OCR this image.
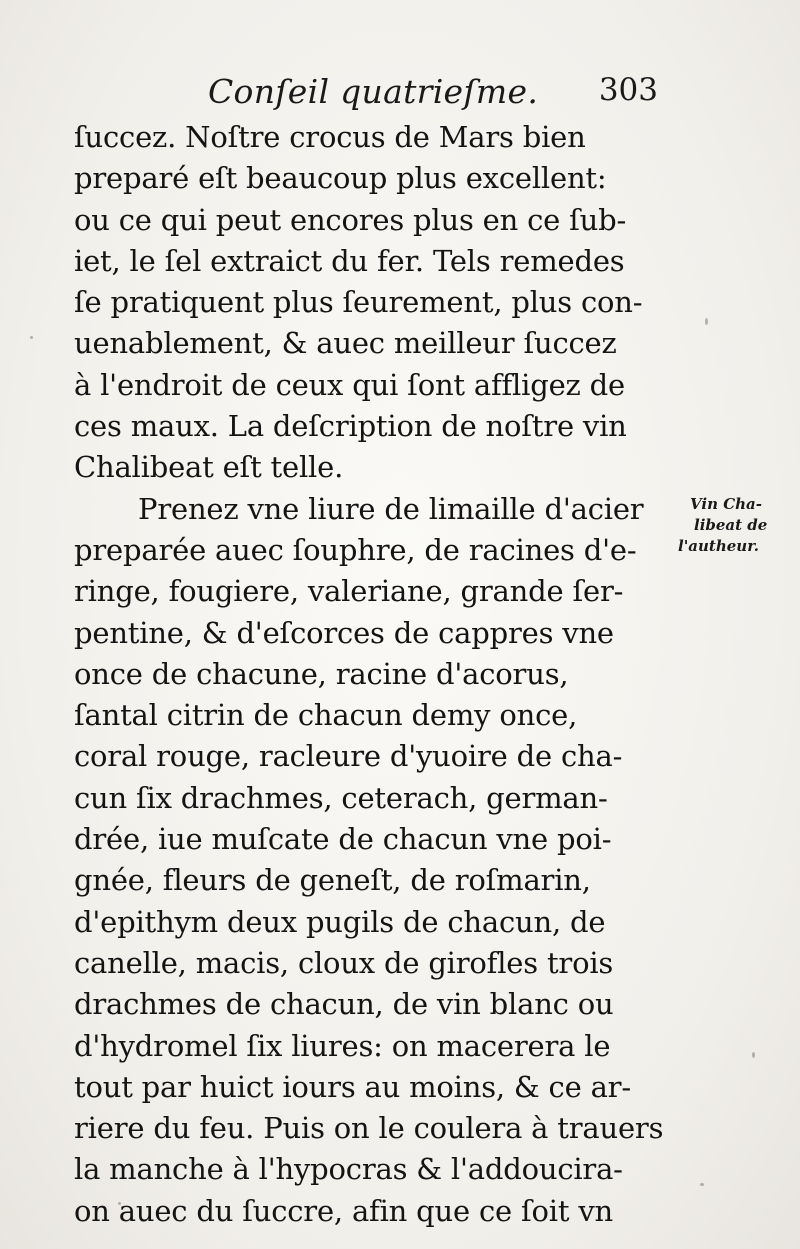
Conſeil quatrieſme. 303
ſuccez. Noſtre crocus de Mars bien
preparé eſt beaucoup plus excellent:
ou ce qui peut encores plus en ce ſub-
iet, le ſel extraict du fer. Tels remedes
ſe pratiquent plus ſeurement, plus con-
uenablement, & auec meilleur ſuccez
à l'endroit de ceux qui ſont affligez de
ces maux. La deſcription de noſtre vin
Chalibeat eſt telle.
Prenez vne liure de limaille d'acier
preparée auec ſouphre, de racines d'e-
ringe, fougiere, valeriane, grande ſer-
pentine, & d'eſcorces de cappres vne
once de chacune, racine d'acorus,
ſantal citrin de chacun demy once,
coral rouge, racleure d'yuoire de cha-
cun ſix drachmes, ceterach, german-
drée, iue muſcate de chacun vne poi-
gnée, fleurs de geneſt, de roſmarin,
d'epithym deux pugils de chacun, de
canelle, macis, cloux de girofles trois
drachmes de chacun, de vin blanc ou
d'hydromel ſix liures: on macerera le
tout par huict iours au moins, & ce ar-
riere du feu. Puis on le coulera à trauers
la manche à l'hypocras & l'addoucira-
on auec du ſuccre, afin que ce ſoit vn
Vin Cha-
libeat de
l'autheur.
